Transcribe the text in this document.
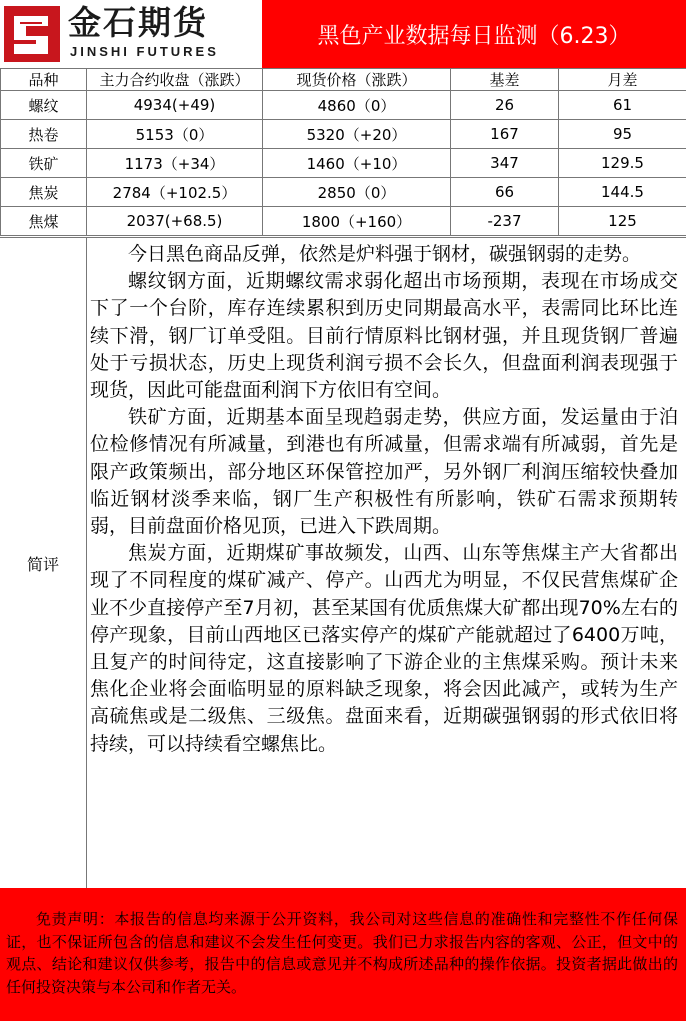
金石期货
JINSHI FUTURES
黑色产业数据每日监测（6.23）
品种	主力合约收盘（涨跌）	现货价格（涨跌）	基差	月差
螺纹	4934(+49)	4860（0）	26	61
热卷	5153（0）	5320（+20）	167	95
铁矿	1173（+34）	1460（+10）	347	129.5
焦炭	2784（+102.5）	2850（0）	66	144.5
焦煤	2037(+68.5)	1800（+160）	-237	125
简评

今日黑色商品反弹，依然是炉料强于钢材，碳强钢弱的走势。

螺纹钢方面，近期螺纹需求弱化超出市场预期，表现在市场成交下了一个台阶，库存连续累积到历史同期最高水平，表需同比环比连续下滑，钢厂订单受阻。目前行情原料比钢材强，并且现货钢厂普遍处于亏损状态，历史上现货利润亏损不会长久，但盘面利润表现强于现货，因此可能盘面利润下方依旧有空间。

铁矿方面，近期基本面呈现趋弱走势，供应方面，发运量由于泊位检修情况有所减量，到港也有所减量，但需求端有所减弱，首先是限产政策频出，部分地区环保管控加严，另外钢厂利润压缩较快叠加临近钢材淡季来临，钢厂生产积极性有所影响，铁矿石需求预期转弱，目前盘面价格见顶，已进入下跌周期。

焦炭方面，近期煤矿事故频发，山西、山东等焦煤主产大省都出现了不同程度的煤矿减产、停产。山西尤为明显，不仅民营焦煤矿企业不少直接停产至7月初，甚至某国有优质焦煤大矿都出现70%左右的停产现象，目前山西地区已落实停产的煤矿产能就超过了6400万吨，且复产的时间待定，这直接影响了下游企业的主焦煤采购。预计未来焦化企业将会面临明显的原料缺乏现象，将会因此减产，或转为生产高硫焦或是二级焦、三级焦。盘面来看，近期碳强钢弱的形式依旧将持续，可以持续看空螺焦比。

免责声明：本报告的信息均来源于公开资料，我公司对这些信息的准确性和完整性不作任何保证，也不保证所包含的信息和建议不会发生任何变更。我们已力求报告内容的客观、公正，但文中的观点、结论和建议仅供参考，报告中的信息或意见并不构成所述品种的操作依据。投资者据此做出的任何投资决策与本公司和作者无关。
